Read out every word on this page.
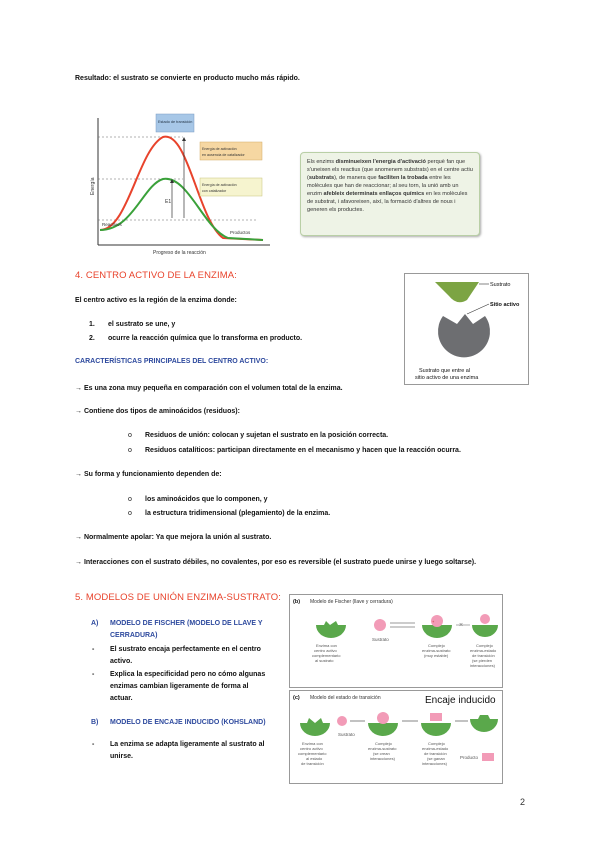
Resultado: el sustrato se convierte en producto mucho más rápido.
Energía
Progreso de la reacción
E1
Estado de transición
Energía de activación
en ausencia de catalizador
Energía de activación
con catalizador
Reactivos
Productos
Els enzims disminueixen l'energia d'activació perquè fan que s'uneixen els reactius (que anomenem substrats) en el centre actiu (substrats), de manera que faciliten la trobada entre les molècules que han de reaccionar; al seu torn, la unió amb un enzim afebleix determinats enllaços químics en les molècules de substrat, i afavoreixen, així, la formació d'altres de nous i generen els productes.
4. CENTRO ACTIVO DE LA ENZIMA:
El centro activo es la región de la enzima donde:
1. el sustrato se une, y
2. ocurre la reacción química que lo transforma en producto.
CARACTERÍSTICAS PRINCIPALES DEL CENTRO ACTIVO:
→ Es una zona muy pequeña en comparación con el volumen total de la enzima.
→ Contiene dos tipos de aminoácidos (residuos):
o Residuos de unión: colocan y sujetan el sustrato en la posición correcta.
o Residuos catalíticos: participan directamente en el mecanismo y hacen que la reacción ocurra.
→ Su forma y funcionamiento dependen de:
o los aminoácidos que lo componen, y
o la estructura tridimensional (plegamiento) de la enzima.
→ Normalmente apolar: Ya que mejora la unión al sustrato.
→ Interacciones con el sustrato débiles, no covalentes, por eso es reversible (el sustrato puede unirse y luego soltarse).
Sustrato
Sitio activo
Sustrato que entre al
sitio activo de una enzima
5. MODELOS DE UNIÓN ENZIMA-SUSTRATO:
A) MODELO DE FISCHER (MODELO DE LLAVE Y
CERRADURA)
- El sustrato encaja perfectamente en el centro
activo.
- Explica la especificidad pero no cómo algunas
enzimas cambian ligeramente de forma al
actuar.
B) MODELO DE ENCAJE INDUCIDO (KOHSLAND)
- La enzima se adapta ligeramente al sustrato al
unirse.
(b) Modelo de Fischer (llave y cerradura)
Sustrato
+
×
Enzima con centro activo complementario al sustrato
Complejo enzima-sustrato (muy estable)
Complejo enzima-estado de transición (se pierden interacciones)
(c) Modelo del estado de transición	Encaje inducido
Sustrato
Producto
Enzima con centro activo complementario al estado de transición
Complejo enzima-sustrato (se crean interacciones)
Complejo enzima-estado de transición (se ganan interacciones)
2
